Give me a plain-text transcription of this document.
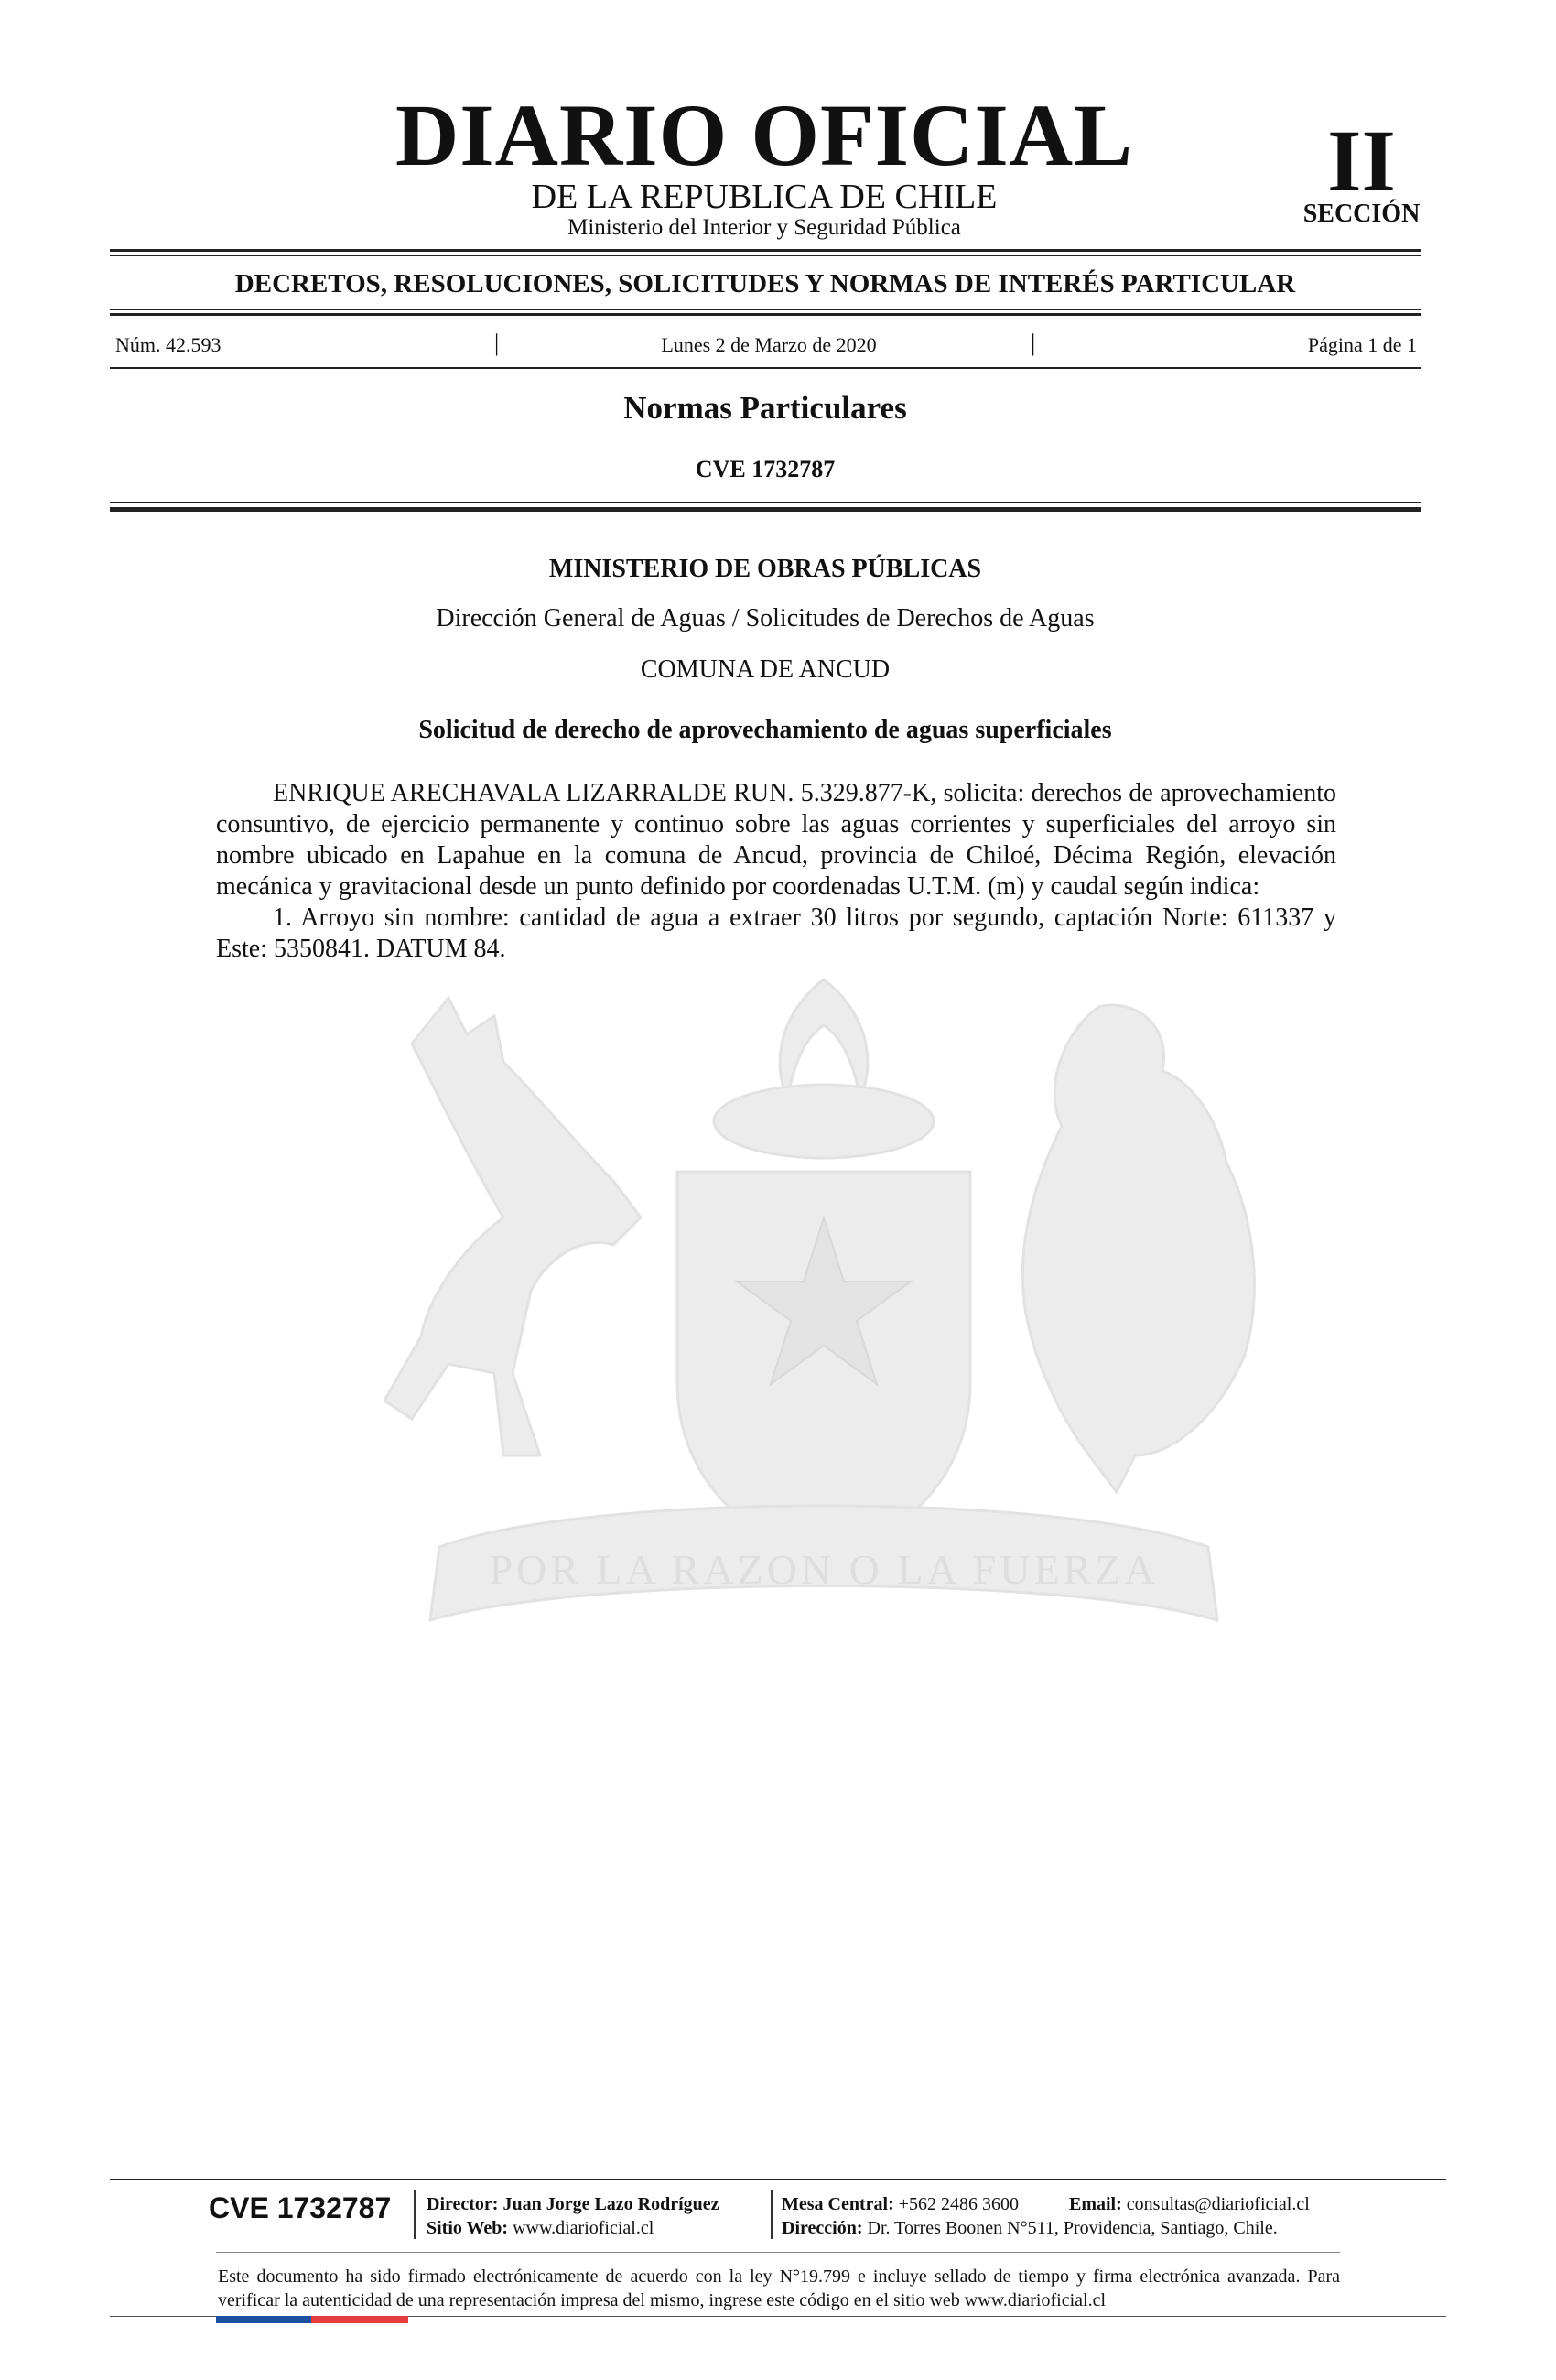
DIARIO OFICIAL
DE LA REPUBLICA DE CHILE
Ministerio del Interior y Seguridad Pública
II
SECCIÓN
DECRETOS, RESOLUCIONES, SOLICITUDES Y NORMAS DE INTERÉS PARTICULAR
Núm. 42.593	|	Lunes 2 de Marzo de 2020	|	Página 1 de 1
Normas Particulares
CVE 1732787
POR LA RAZON O LA FUERZA
MINISTERIO DE OBRAS PÚBLICAS
Dirección General de Aguas / Solicitudes de Derechos de Aguas
COMUNA DE ANCUD
Solicitud de derecho de aprovechamiento de aguas superficiales

ENRIQUE ARECHAVALA LIZARRALDE RUN. 5.329.877-K, solicita: derechos de aprovechamiento consuntivo, de ejercicio permanente y continuo sobre las aguas corrientes y superficiales del arroyo sin nombre ubicado en Lapahue en la comuna de Ancud, provincia de Chiloé, Décima Región, elevación mecánica y gravitacional desde un punto definido por coordenadas U.T.M. (m) y caudal según indica:

1. Arroyo sin nombre: cantidad de agua a extraer 30 litros por segundo, captación Norte: 611337 y Este: 5350841. DATUM 84.

CVE 1732787	Director: Juan Jorge Lazo Rodríguez
Sitio Web: www.diarioficial.cl
Mesa Central: +562 2486 3600	Email: consultas@diarioficial.cl
Dirección: Dr. Torres Boonen N°511, Providencia, Santiago, Chile.
Este documento ha sido firmado electrónicamente de acuerdo con la ley N°19.799 e incluye sellado de tiempo y firma electrónica avanzada. Para verificar la autenticidad de una representación impresa del mismo, ingrese este código en el sitio web www.diarioficial.cl
